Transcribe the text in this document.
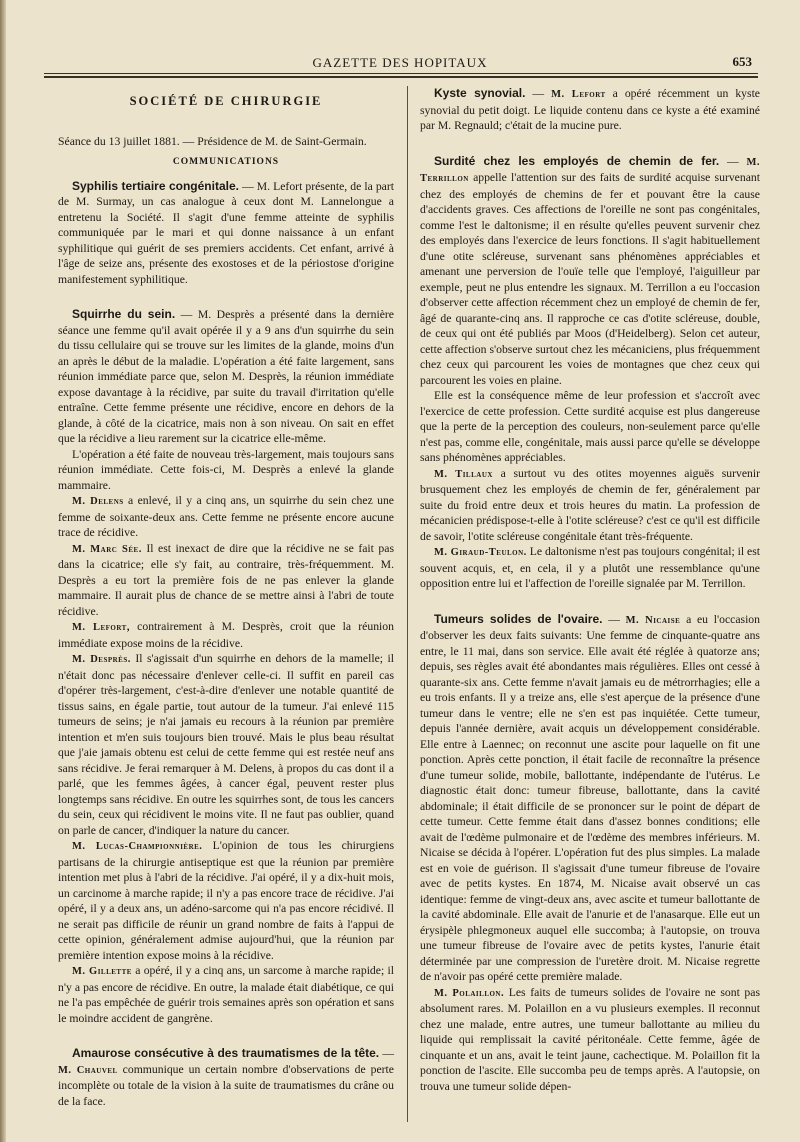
GAZETTE DES HOPITAUX	653

SOCIÉTÉ DE CHIRURGIE

Séance du 13 juillet 1881. — Présidence de M. de Saint-Germain.

COMMUNICATIONS

Syphilis tertiaire congénitale. — M. Lefort présente, de la part de M. Surmay, un cas analogue à ceux dont M. Lannelongue a entretenu la Société. Il s'agit d'une femme atteinte de syphilis communiquée par le mari et qui donne naissance à un enfant syphilitique qui guérit de ses premiers accidents. Cet enfant, arrivé à l'âge de seize ans, présente des exostoses et de la périostose d'origine manifestement syphilitique.

Squirrhe du sein. — M. Desprès a présenté dans la dernière séance une femme qu'il avait opérée il y a 9 ans d'un squirrhe du sein du tissu cellulaire qui se trouve sur les limites de la glande, moins d'un an après le début de la maladie. L'opération a été faite largement, sans réunion immédiate parce que, selon M. Desprès, la réunion immédiate expose davantage à la récidive, par suite du travail d'irritation qu'elle entraîne. Cette femme présente une récidive, encore en dehors de la glande, à côté de la cicatrice, mais non à son niveau. On sait en effet que la récidive a lieu rarement sur la cicatrice elle-même.

L'opération a été faite de nouveau très-largement, mais toujours sans réunion immédiate. Cette fois-ci, M. Desprès a enlevé la glande mammaire.

M. Delens a enlevé, il y a cinq ans, un squirrhe du sein chez une femme de soixante-deux ans. Cette femme ne présente encore aucune trace de récidive.

M. Marc Sée. Il est inexact de dire que la récidive ne se fait pas dans la cicatrice; elle s'y fait, au contraire, très-fréquemment. M. Desprès a eu tort la première fois de ne pas enlever la glande mammaire. Il aurait plus de chance de se mettre ainsi à l'abri de toute récidive.

M. Lefort, contrairement à M. Desprès, croit que la réunion immédiate expose moins de la récidive.

M. Desprès. Il s'agissait d'un squirrhe en dehors de la mamelle; il n'était donc pas nécessaire d'enlever celle-ci. Il suffit en pareil cas d'opérer très-largement, c'est-à-dire d'enlever une notable quantité de tissus sains, en égale partie, tout autour de la tumeur. J'ai enlevé 115 tumeurs de seins; je n'ai jamais eu recours à la réunion par première intention et m'en suis toujours bien trouvé. Mais le plus beau résultat que j'aie jamais obtenu est celui de cette femme qui est restée neuf ans sans récidive. Je ferai remarquer à M. Delens, à propos du cas dont il a parlé, que les femmes âgées, à cancer égal, peuvent rester plus longtemps sans récidive. En outre les squirrhes sont, de tous les cancers du sein, ceux qui récidivent le moins vite. Il ne faut pas oublier, quand on parle de cancer, d'indiquer la nature du cancer.

M. Lucas-Championnière. L'opinion de tous les chirurgiens partisans de la chirurgie antiseptique est que la réunion par première intention met plus à l'abri de la récidive. J'ai opéré, il y a dix-huit mois, un carcinome à marche rapide; il n'y a pas encore trace de récidive. J'ai opéré, il y a deux ans, un adéno-sarcome qui n'a pas encore récidivé. Il ne serait pas difficile de réunir un grand nombre de faits à l'appui de cette opinion, généralement admise aujourd'hui, que la réunion par première intention expose moins à la récidive.

M. Gillette a opéré, il y a cinq ans, un sarcome à marche rapide; il n'y a pas encore de récidive. En outre, la malade était diabétique, ce qui ne l'a pas empêchée de guérir trois semaines après son opération et sans le moindre accident de gangrène.

Amaurose consécutive à des traumatismes de la tête. — M. Chauvel communique un certain nombre d'observations de perte incomplète ou totale de la vision à la suite de traumatismes du crâne ou de la face.

Kyste synovial. — M. Lefort a opéré récemment un kyste synovial du petit doigt. Le liquide contenu dans ce kyste a été examiné par M. Regnauld; c'était de la mucine pure.

Surdité chez les employés de chemin de fer. — M. Terrillon appelle l'attention sur des faits de surdité acquise survenant chez des employés de chemins de fer et pouvant être la cause d'accidents graves. Ces affections de l'oreille ne sont pas congénitales, comme l'est le daltonisme; il en résulte qu'elles peuvent survenir chez des employés dans l'exercice de leurs fonctions. Il s'agit habituellement d'une otite scléreuse, survenant sans phénomènes appréciables et amenant une perversion de l'ouïe telle que l'employé, l'aiguilleur par exemple, peut ne plus entendre les signaux. M. Terrillon a eu l'occasion d'observer cette affection récemment chez un employé de chemin de fer, âgé de quarante-cinq ans. Il rapproche ce cas d'otite scléreuse, double, de ceux qui ont été publiés par Moos (d'Heidelberg). Selon cet auteur, cette affection s'observe surtout chez les mécaniciens, plus fréquemment chez ceux qui parcourent les voies de montagnes que chez ceux qui parcourent les voies en plaine.

Elle est la conséquence même de leur profession et s'accroît avec l'exercice de cette profession. Cette surdité acquise est plus dangereuse que la perte de la perception des couleurs, non-seulement parce qu'elle n'est pas, comme elle, congénitale, mais aussi parce qu'elle se développe sans phénomènes appréciables.

M. Tillaux a surtout vu des otites moyennes aiguës survenir brusquement chez les employés de chemin de fer, généralement par suite du froid entre deux et trois heures du matin. La profession de mécanicien prédispose-t-elle à l'otite scléreuse? c'est ce qu'il est difficile de savoir, l'otite scléreuse congénitale étant très-fréquente.

M. Giraud-Teulon. Le daltonisme n'est pas toujours congénital; il est souvent acquis, et, en cela, il y a plutôt une ressemblance qu'une opposition entre lui et l'affection de l'oreille signalée par M. Terrillon.

Tumeurs solides de l'ovaire. — M. Nicaise a eu l'occasion d'observer les deux faits suivants: Une femme de cinquante-quatre ans entre, le 11 mai, dans son service. Elle avait été réglée à quatorze ans; depuis, ses règles avait été abondantes mais régulières. Elles ont cessé à quarante-six ans. Cette femme n'avait jamais eu de métrorrhagies; elle a eu trois enfants. Il y a treize ans, elle s'est aperçue de la présence d'une tumeur dans le ventre; elle ne s'en est pas inquiétée. Cette tumeur, depuis l'année dernière, avait acquis un développement considérable. Elle entre à Laennec; on reconnut une ascite pour laquelle on fit une ponction. Après cette ponction, il était facile de reconnaître la présence d'une tumeur solide, mobile, ballottante, indépendante de l'utérus. Le diagnostic était donc: tumeur fibreuse, ballottante, dans la cavité abdominale; il était difficile de se prononcer sur le point de départ de cette tumeur. Cette femme était dans d'assez bonnes conditions; elle avait de l'œdème pulmonaire et de l'œdème des membres inférieurs. M. Nicaise se décida à l'opérer. L'opération fut des plus simples. La malade est en voie de guérison. Il s'agissait d'une tumeur fibreuse de l'ovaire avec de petits kystes. En 1874, M. Nicaise avait observé un cas identique: femme de vingt-deux ans, avec ascite et tumeur ballottante de la cavité abdominale. Elle avait de l'anurie et de l'anasarque. Elle eut un érysipèle phlegmoneux auquel elle succomba; à l'autopsie, on trouva une tumeur fibreuse de l'ovaire avec de petits kystes, l'anurie était déterminée par une compression de l'uretère droit. M. Nicaise regrette de n'avoir pas opéré cette première malade.

M. Polaillon. Les faits de tumeurs solides de l'ovaire ne sont pas absolument rares. M. Polaillon en a vu plusieurs exemples. Il reconnut chez une malade, entre autres, une tumeur ballottante au milieu du liquide qui remplissait la cavité péritonéale. Cette femme, âgée de cinquante et un ans, avait le teint jaune, cachectique. M. Polaillon fit la ponction de l'ascite. Elle succomba peu de temps après. A l'autopsie, on trouva une tumeur solide dépen-
